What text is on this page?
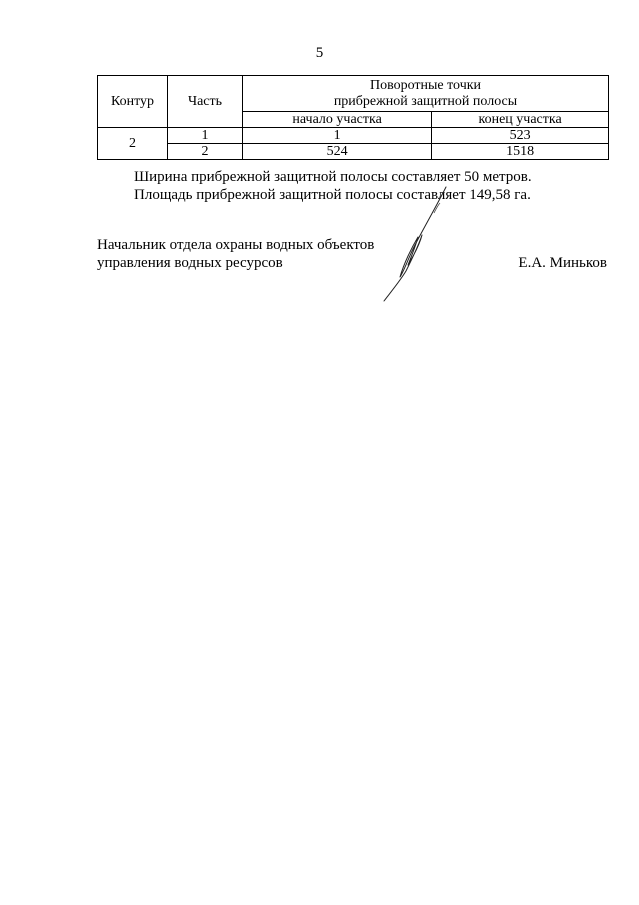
5
Контур	Часть	Поворотные точки
прибрежной защитной полосы	

		начало участка	конец участка
2	1	1	523
	2	524	1518
Ширина прибрежной защитной полосы составляет 50 метров.
Площадь прибрежной защитной полосы составляет 149,58 га.
Начальник отдела охраны водных объектов
управления водных ресурсов	Е.А. Миньков
